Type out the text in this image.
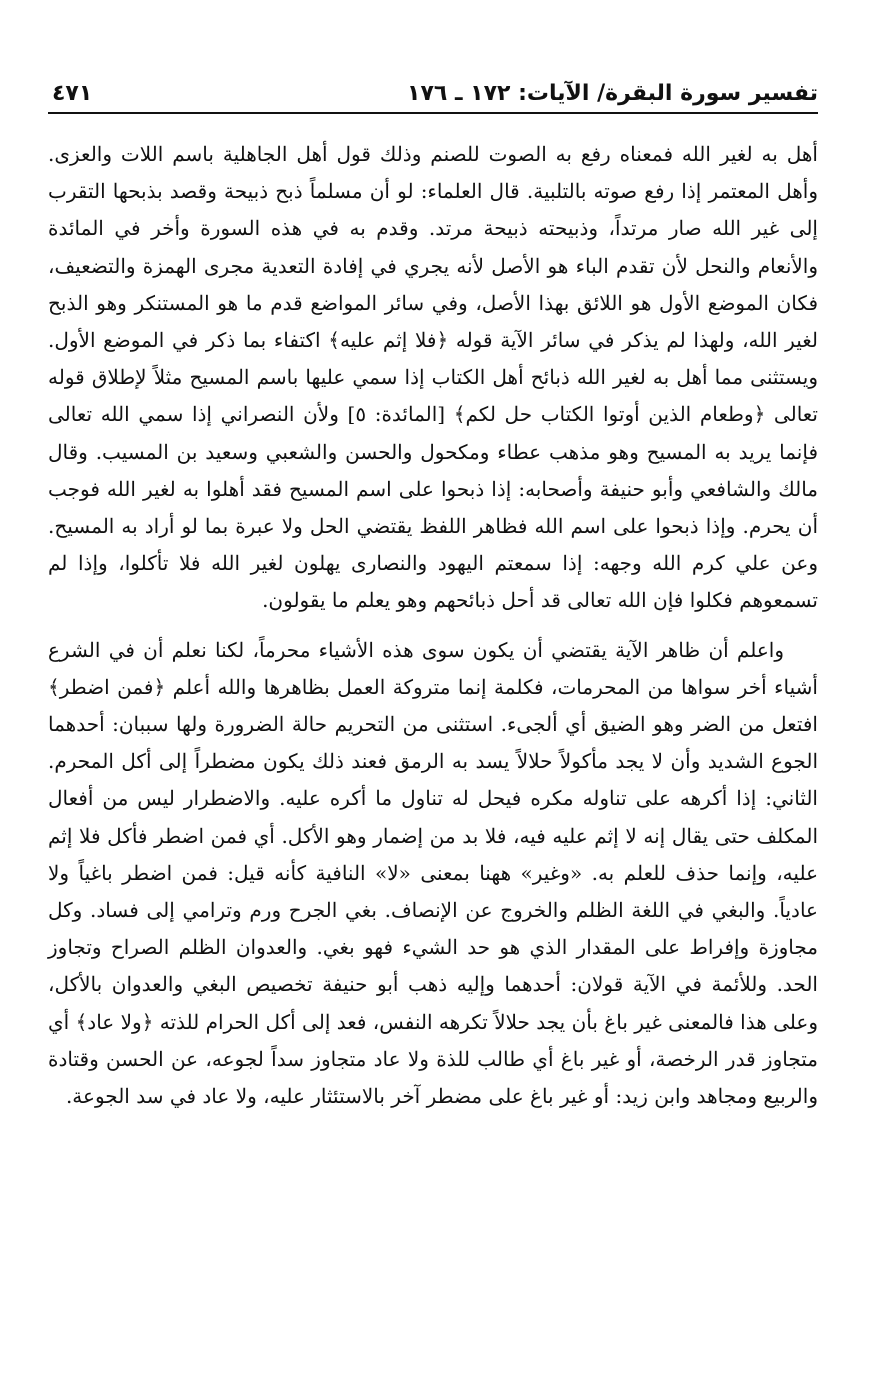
تفسير سورة البقرة/ الآيات: ١٧٢ ـ ١٧٦
٤٧١

أهل به لغير الله فمعناه رفع به الصوت للصنم وذلك قول أهل الجاهلية باسم اللات والعزى. وأهل المعتمر إذا رفع صوته بالتلبية. قال العلماء: لو أن مسلماً ذبح ذبيحة وقصد بذبحها التقرب إلى غير الله صار مرتداً، وذبيحته ذبيحة مرتد. وقدم به في هذه السورة وأخر في المائدة والأنعام والنحل لأن تقدم الباء هو الأصل لأنه يجري في إفادة التعدية مجرى الهمزة والتضعيف، فكان الموضع الأول هو اللائق بهذا الأصل، وفي سائر المواضع قدم ما هو المستنكر وهو الذبح لغير الله، ولهذا لم يذكر في سائر الآية قوله ﴿فلا إثم عليه﴾ اكتفاء بما ذكر في الموضع الأول. ويستثنى مما أهل به لغير الله ذبائح أهل الكتاب إذا سمي عليها باسم المسيح مثلاً لإطلاق قوله تعالى ﴿وطعام الذين أوتوا الكتاب حل لكم﴾ [المائدة: ٥] ولأن النصراني إذا سمي الله تعالى فإنما يريد به المسيح وهو مذهب عطاء ومكحول والحسن والشعبي وسعيد بن المسيب. وقال مالك والشافعي وأبو حنيفة وأصحابه: إذا ذبحوا على اسم المسيح فقد أهلوا به لغير الله فوجب أن يحرم. وإذا ذبحوا على اسم الله فظاهر اللفظ يقتضي الحل ولا عبرة بما لو أراد به المسيح. وعن علي كرم الله وجهه: إذا سمعتم اليهود والنصارى يهلون لغير الله فلا تأكلوا، وإذا لم تسمعوهم فكلوا فإن الله تعالى قد أحل ذبائحهم وهو يعلم ما يقولون.

واعلم أن ظاهر الآية يقتضي أن يكون سوى هذه الأشياء محرماً، لكنا نعلم أن في الشرع أشياء أخر سواها من المحرمات، فكلمة إنما متروكة العمل بظاهرها والله أعلم ﴿فمن اضطر﴾ افتعل من الضر وهو الضيق أي ألجىء. استثنى من التحريم حالة الضرورة ولها سببان: أحدهما الجوع الشديد وأن لا يجد مأكولاً حلالاً يسد به الرمق فعند ذلك يكون مضطراً إلى أكل المحرم. الثاني: إذا أكرهه على تناوله مكره فيحل له تناول ما أكره عليه. والاضطرار ليس من أفعال المكلف حتى يقال إنه لا إثم عليه فيه، فلا بد من إضمار وهو الأكل. أي فمن اضطر فأكل فلا إثم عليه، وإنما حذف للعلم به. «وغير» ههنا بمعنى «لا» النافية كأنه قيل: فمن اضطر باغياً ولا عادياً. والبغي في اللغة الظلم والخروج عن الإنصاف. بغي الجرح ورم وترامي إلى فساد. وكل مجاوزة وإفراط على المقدار الذي هو حد الشيء فهو بغي. والعدوان الظلم الصراح وتجاوز الحد. وللأئمة في الآية قولان: أحدهما وإليه ذهب أبو حنيفة تخصيص البغي والعدوان بالأكل، وعلى هذا فالمعنى غير باغ بأن يجد حلالاً تكرهه النفس، فعد إلى أكل الحرام للذته ﴿ولا عاد﴾ أي متجاوز قدر الرخصة، أو غير باغ أي طالب للذة ولا عاد متجاوز سداً لجوعه، عن الحسن وقتادة والربيع ومجاهد وابن زيد: أو غير باغ على مضطر آخر بالاستئثار عليه، ولا عاد في سد الجوعة.
